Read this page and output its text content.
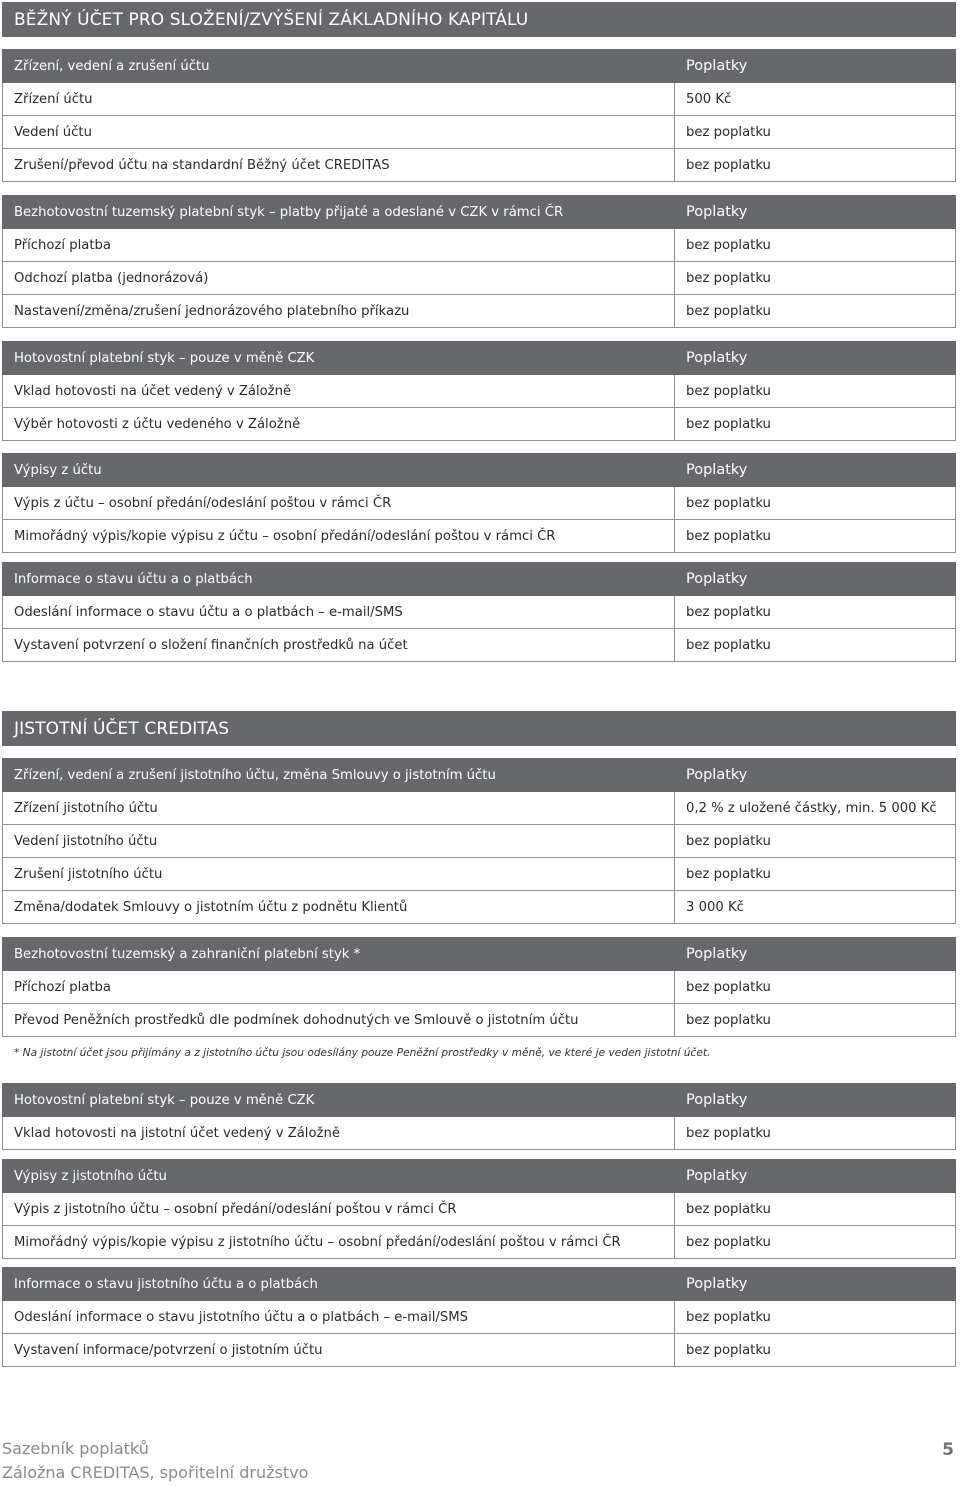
BĚŽNÝ ÚČET PRO SLOŽENÍ/ZVÝŠENÍ ZÁKLADNÍHO KAPITÁLU
Zřízení, vedení a zrušení účtu	Poplatky
Zřízení účtu	500 Kč
Vedení účtu	bez poplatku
Zrušení/převod účtu na standardní Běžný účet CREDITAS	bez poplatku
Bezhotovostní tuzemský platební styk – platby přijaté a odeslané v CZK v rámci ČR	Poplatky
Příchozí platba	bez poplatku
Odchozí platba (jednorázová)	bez poplatku
Nastavení/změna/zrušení jednorázového platebního příkazu	bez poplatku
Hotovostní platební styk – pouze v měně CZK	Poplatky
Vklad hotovosti na účet vedený v Záložně	bez poplatku
Výběr hotovosti z účtu vedeného v Záložně	bez poplatku
Výpisy z účtu	Poplatky
Výpis z účtu – osobní předání/odeslání poštou v rámci ČR	bez poplatku
Mimořádný výpis/kopie výpisu z účtu – osobní předání/odeslání poštou v rámci ČR	bez poplatku
Informace o stavu účtu a o platbách	Poplatky
Odeslání informace o stavu účtu a o platbách – e-mail/SMS	bez poplatku
Vystavení potvrzení o složení finančních prostředků na účet	bez poplatku
JISTOTNÍ ÚČET CREDITAS
Zřízení, vedení a zrušení jistotního účtu, změna Smlouvy o jistotním účtu	Poplatky
Zřízení jistotního účtu	0,2 % z uložené částky, min. 5 000 Kč
Vedení jistotního účtu	bez poplatku
Zrušení jistotního účtu	bez poplatku
Změna/dodatek Smlouvy o jistotním účtu z podnětu Klientů	3 000 Kč
Bezhotovostní tuzemský a zahraniční platební styk *	Poplatky
Příchozí platba	bez poplatku
Převod Peněžních prostředků dle podmínek dohodnutých ve Smlouvě o jistotním účtu	bez poplatku
* Na jistotní účet jsou přijímány a z jistotního účtu jsou odesílány pouze Peněžní prostředky v měně, ve které je veden jistotní účet.
Hotovostní platební styk – pouze v měně CZK	Poplatky
Vklad hotovosti na jistotní účet vedený v Záložně	bez poplatku
Výpisy z jistotního účtu	Poplatky
Výpis z jistotního účtu – osobní předání/odeslání poštou v rámci ČR	bez poplatku
Mimořádný výpis/kopie výpisu z jistotního účtu – osobní předání/odeslání poštou v rámci ČR	bez poplatku
Informace o stavu jistotního účtu a o platbách	Poplatky
Odeslání informace o stavu jistotního účtu a o platbách – e-mail/SMS	bez poplatku
Vystavení informace/potvrzení o jistotním účtu	bez poplatku
Sazebník poplatků
Záložna CREDITAS, spořitelní družstvo
5
